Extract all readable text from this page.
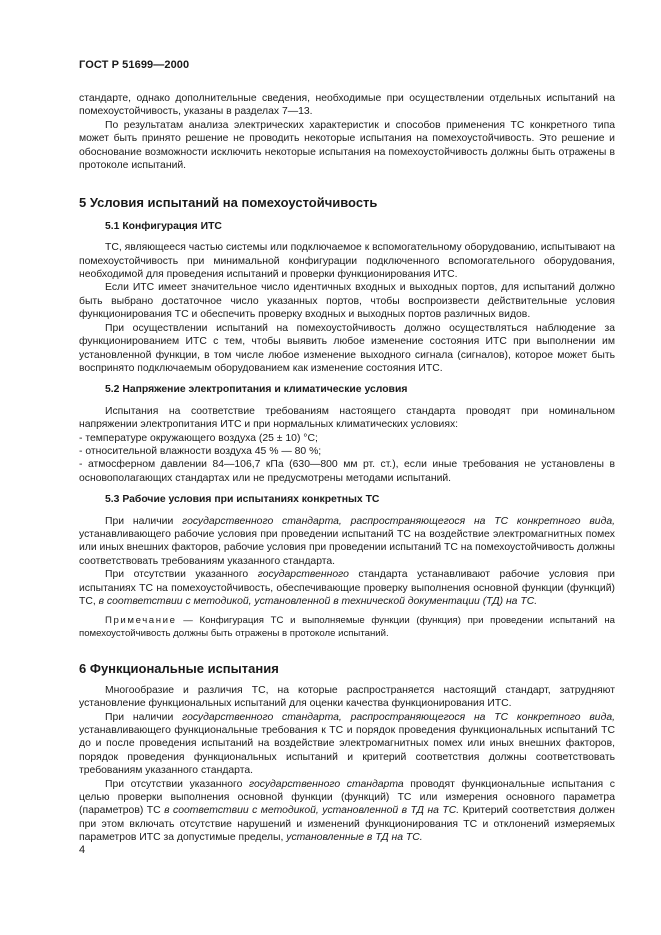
ГОСТ Р 51699—2000

стандарте, однако дополнительные сведения, необходимые при осуществлении отдельных испытаний на помехоустойчивость, указаны в разделах 7—13.

По результатам анализа электрических характеристик и способов применения ТС конкретного типа может быть принято решение не проводить некоторые испытания на помехоустойчивость. Это решение и обоснование возможности исключить некоторые испытания на помехоустойчивость должны быть отражены в протоколе испытаний.

5 Условия испытаний на помехоустойчивость

5.1 Конфигурация ИТС

ТС, являющееся частью системы или подключаемое к вспомогательному оборудованию, испытывают на помехоустойчивость при минимальной конфигурации подключенного вспомогательного оборудования, необходимой для проведения испытаний и проверки функционирования ИТС.

Если ИТС имеет значительное число идентичных входных и выходных портов, для испытаний должно быть выбрано достаточное число указанных портов, чтобы воспроизвести действительные условия функционирования ТС и обеспечить проверку входных и выходных портов различных видов.

При осуществлении испытаний на помехоустойчивость должно осуществляться наблюдение за функционированием ИТС с тем, чтобы выявить любое изменение состояния ИТС при выполнении им установленной функции, в том числе любое изменение выходного сигнала (сигналов), которое может быть воспринято подключаемым оборудованием как изменение состояния ИТС.

5.2 Напряжение электропитания и климатические условия

Испытания на соответствие требованиям настоящего стандарта проводят при номинальном напряжении электропитания ИТС и при нормальных климатических условиях:

- температуре окружающего воздуха (25 ± 10) °С;

- относительной влажности воздуха 45 % — 80 %;

- атмосферном давлении 84—106,7 кПа (630—800 мм рт. ст.), если иные требования не установлены в основополагающих стандартах или не предусмотрены методами испытаний.

5.3 Рабочие условия при испытаниях конкретных ТС

При наличии государственного стандарта, распространяющегося на ТС конкретного вида, устанавливающего рабочие условия при проведении испытаний ТС на воздействие электромагнитных помех или иных внешних факторов, рабочие условия при проведении испытаний ТС на помехоустойчивость должны соответствовать требованиям указанного стандарта.

При отсутствии указанного государственного стандарта устанавливают рабочие условия при испытаниях ТС на помехоустойчивость, обеспечивающие проверку выполнения основной функции (функций) ТС, в соответствии с методикой, установленной в технической документации (ТД) на ТС.

Примечание — Конфигурация ТС и выполняемые функции (функция) при проведении испытаний на помехоустойчивость должны быть отражены в протоколе испытаний.

6 Функциональные испытания

Многообразие и различия ТС, на которые распространяется настоящий стандарт, затрудняют установление функциональных испытаний для оценки качества функционирования ИТС.

При наличии государственного стандарта, распространяющегося на ТС конкретного вида, устанавливающего функциональные требования к ТС и порядок проведения функциональных испытаний ТС до и после проведения испытаний на воздействие электромагнитных помех или иных внешних факторов, порядок проведения функциональных испытаний и критерий соответствия должны соответствовать требованиям указанного стандарта.

При отсутствии указанного государственного стандарта проводят функциональные испытания с целью проверки выполнения основной функции (функций) ТС или измерения основного параметра (параметров) ТС в соответствии с методикой, установленной в ТД на ТС. Критерий соответствия должен при этом включать отсутствие нарушений и изменений функционирования ТС и отклонений измеряемых параметров ИТС за допустимые пределы, установленные в ТД на ТС.

4
